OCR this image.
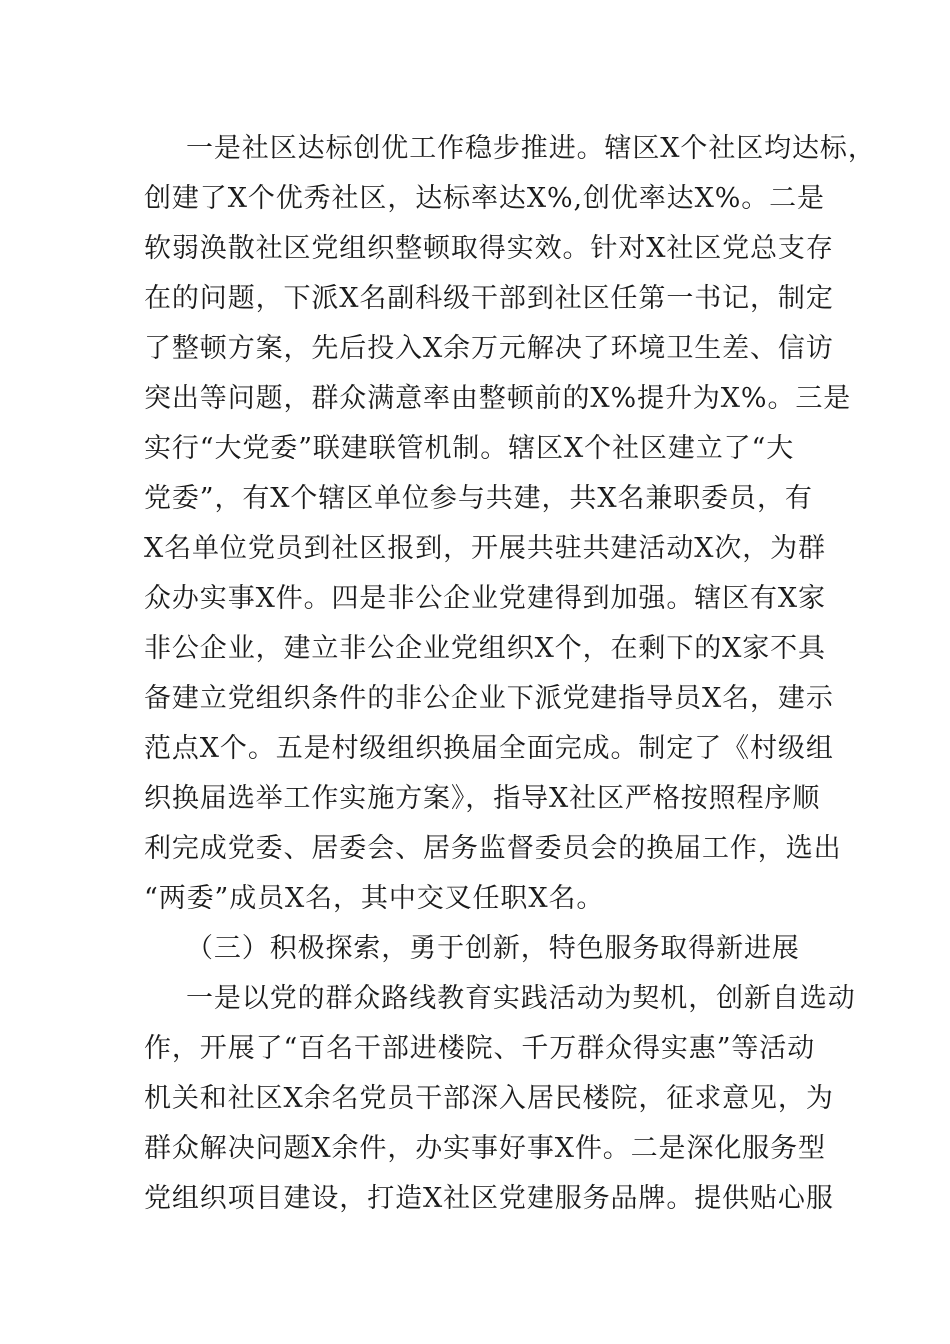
一是社区达标创优工作稳步推进。辖区X个社区均达标，
创建了X个优秀社区，达标率达X%,创优率达X%。二是
软弱涣散社区党组织整顿取得实效。针对X社区党总支存
在的问题，下派X名副科级干部到社区任第一书记，制定
了整顿方案，先后投入X余万元解决了环境卫生差、信访
突出等问题，群众满意率由整顿前的X%提升为X%。三是
实行“大党委”联建联管机制。辖区X个社区建立了“大
党委”，有X个辖区单位参与共建，共X名兼职委员，有
X名单位党员到社区报到，开展共驻共建活动X次，为群
众办实事X件。四是非公企业党建得到加强。辖区有X家
非公企业，建立非公企业党组织X个，在剩下的X家不具
备建立党组织条件的非公企业下派党建指导员X名，建示
范点X个。五是村级组织换届全面完成。制定了《村级组
织换届选举工作实施方案》，指导X社区严格按照程序顺
利完成党委、居委会、居务监督委员会的换届工作，选出
“两委”成员X名，其中交叉任职X名。
（三）积极探索，勇于创新，特色服务取得新进展
一是以党的群众路线教育实践活动为契机，创新自选动
作，开展了“百名干部进楼院、千万群众得实惠”等活动
机关和社区X余名党员干部深入居民楼院，征求意见，为
群众解决问题X余件，办实事好事X件。二是深化服务型
党组织项目建设，打造X社区党建服务品牌。提供贴心服
